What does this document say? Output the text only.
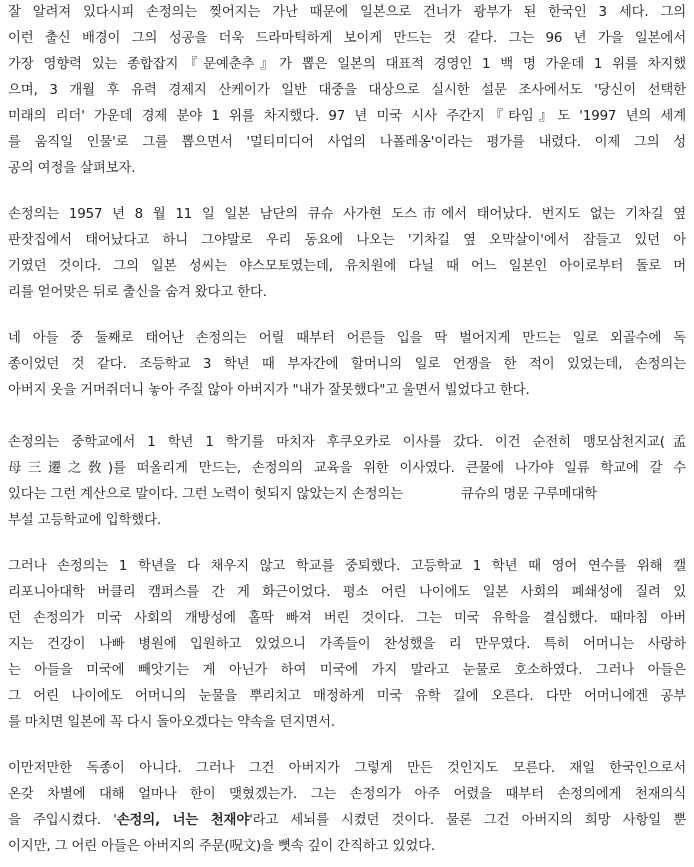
잘 알려져 있다시피 손정의는 찢어지는 가난 때문에 일본으로 건너가 광부가 된 한국인 3 세다. 그의
이런 출신 배경이 그의 성공을 더욱 드라마틱하게 보이게 만드는 것 같다. 그는 96 년 가을 일본에서
가장 영향력 있는 종합잡지『문예춘추』가 뽑은 일본의 대표적 경영인 1 백 명 가운데 1 위를 차지했
으며, 3 개월 후 유력 경제지 산케이가 일반 대중을 대상으로 실시한 설문 조사에서도 '당신이 선택한
미래의 리더' 가운데 경제 분야 1 위를 차지했다. 97 년 미국 시사 주간지『타임』도 '1997 년의 세계
를 움직일 인물'로 그를 뽑으면서 '멀티미디어 사업의 나폴레옹'이라는 평가를 내렸다. 이제 그의 성
공의 여정을 살펴보자.
손정의는 1957 년 8 월 11 일 일본 남단의 큐슈 사가현 도스市에서 태어났다. 번지도 없는 기차길 옆
판잣집에서 태어났다고 하니 그야말로 우리 동요에 나오는 '기차길 옆 오막살이'에서 잠들고 있던 아
기였던 것이다. 그의 일본 성씨는 야스모토였는데, 유치원에 다닐 때 어느 일본인 아이로부터 돌로 머
리를 얻어맞은 뒤로 출신을 숨겨 왔다고 한다.
네 아들 중 둘째로 태어난 손정의는 어릴 때부터 어른들 입을 딱 벌어지게 만드는 일로 외골수에 독
종이었던 것 같다. 조등학교 3 학년 때 부자간에 할머니의 일로 언쟁을 한 적이 있었는데, 손정의는
아버지 옷을 거머쥐더니 놓아 주질 않아 아버지가 "내가 잘못했다"고 울면서 빌었다고 한다.
손정의는 중학교에서 1 학년 1 학기를 마치자 후쿠오카로 이사를 갔다. 이건 순전히 맹모삼천지교(孟
母三遷之敎)를 떠올리게 만드는, 손정의의 교육을 위한 이사였다. 큰물에 나가야 일류 학교에 갈 수
있다는 그런 계산으로 말이다. 그런 노력이 헛되지 않았는지 손정의는	큐슈의 명문 구루메대학
부설 고등학교에 입학했다.
그러나 손정의는 1 학년을 다 채우지 않고 학교를 중퇴했다. 고등학교 1 학년 때 영어 연수를 위해 캘
리포니아대학 버클리 캠퍼스를 간 게 화근이었다. 평소 어린 나이에도 일본 사회의 폐쇄성에 질려 있
던 손정의가 미국 사회의 개방성에 홀딱 빠져 버린 것이다. 그는 미국 유학을 결심했다. 때마침 아버
지는 건강이 나빠 병원에 입원하고 있었으니 가족들이 찬성했을 리 만무였다. 특히 어머니는 사랑하
는 아들을 미국에 빼앗기는 게 아닌가 하여 미국에 가지 말라고 눈물로 호소하였다. 그러나 아들은
그 어린 나이에도 어머니의 눈물을 뿌리치고 매정하게 미국 유학 길에 오른다. 다만 어머니에겐 공부
를 마치면 일본에 꼭 다시 돌아오겠다는 약속을 던지면서.
이만저만한 독종이 아니다. 그러나 그건 아버지가 그렇게 만든 것인지도 모른다. 재일 한국인으로서
온갖 차별에 대해 얼마나 한이 맺혔겠는가. 그는 손정의가 아주 어렸을 때부터 손정의에게 천재의식
을 주입시켰다. '손정의, 너는 천재야'라고 세뇌를 시켰던 것이다. 물론 그건 아버지의 희망 사항일 뿐
이지만, 그 어린 아들은 아버지의 주문(呪文)을 뼛속 깊이 간직하고 있었다.
